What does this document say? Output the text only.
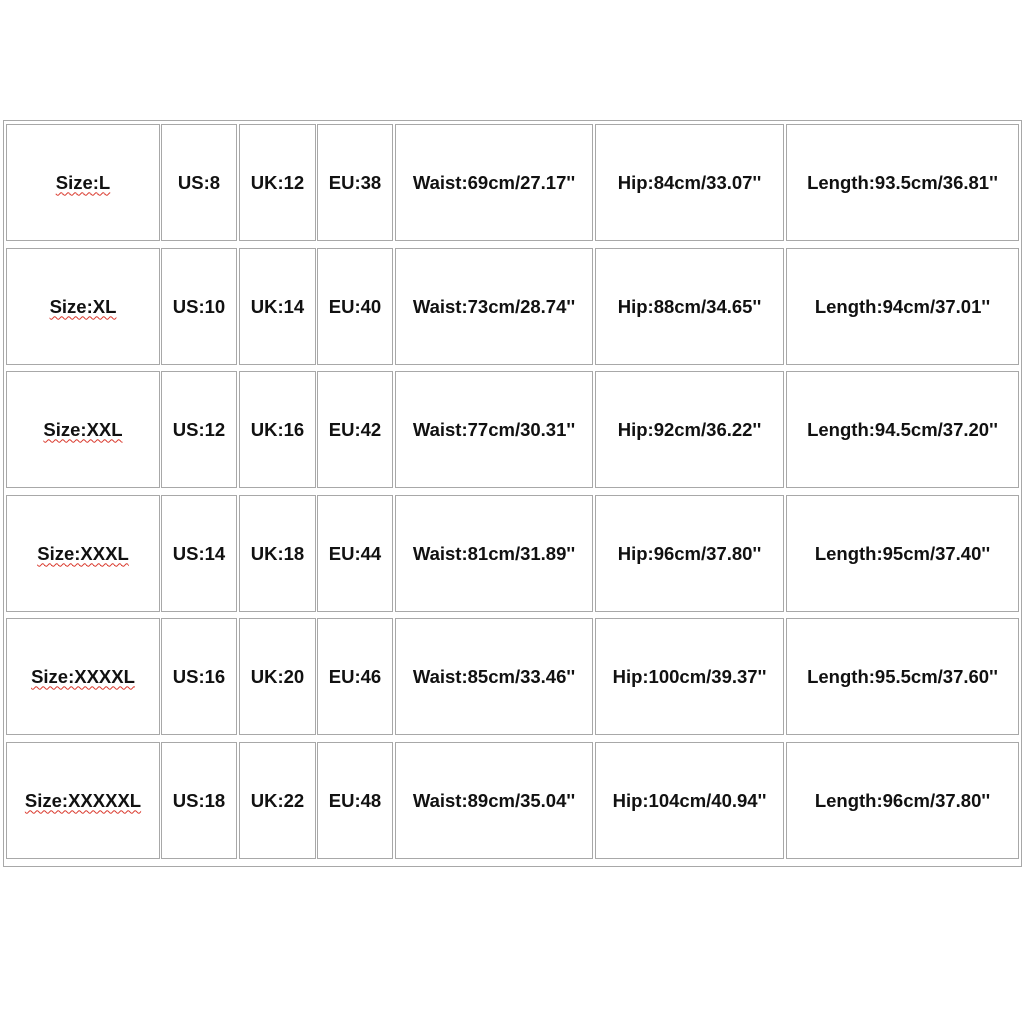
Size:L	US:8	UK:12	EU:38	Waist:69cm/27.17''	Hip:84cm/33.07''	Length:93.5cm/36.81''
Size:XL	US:10	UK:14	EU:40	Waist:73cm/28.74''	Hip:88cm/34.65''	Length:94cm/37.01''
Size:XXL	US:12	UK:16	EU:42	Waist:77cm/30.31''	Hip:92cm/36.22''	Length:94.5cm/37.20''
Size:XXXL	US:14	UK:18	EU:44	Waist:81cm/31.89''	Hip:96cm/37.80''	Length:95cm/37.40''
Size:XXXXL	US:16	UK:20	EU:46	Waist:85cm/33.46''	Hip:100cm/39.37''	Length:95.5cm/37.60''
Size:XXXXXL	US:18	UK:22	EU:48	Waist:89cm/35.04''	Hip:104cm/40.94''	Length:96cm/37.80''
